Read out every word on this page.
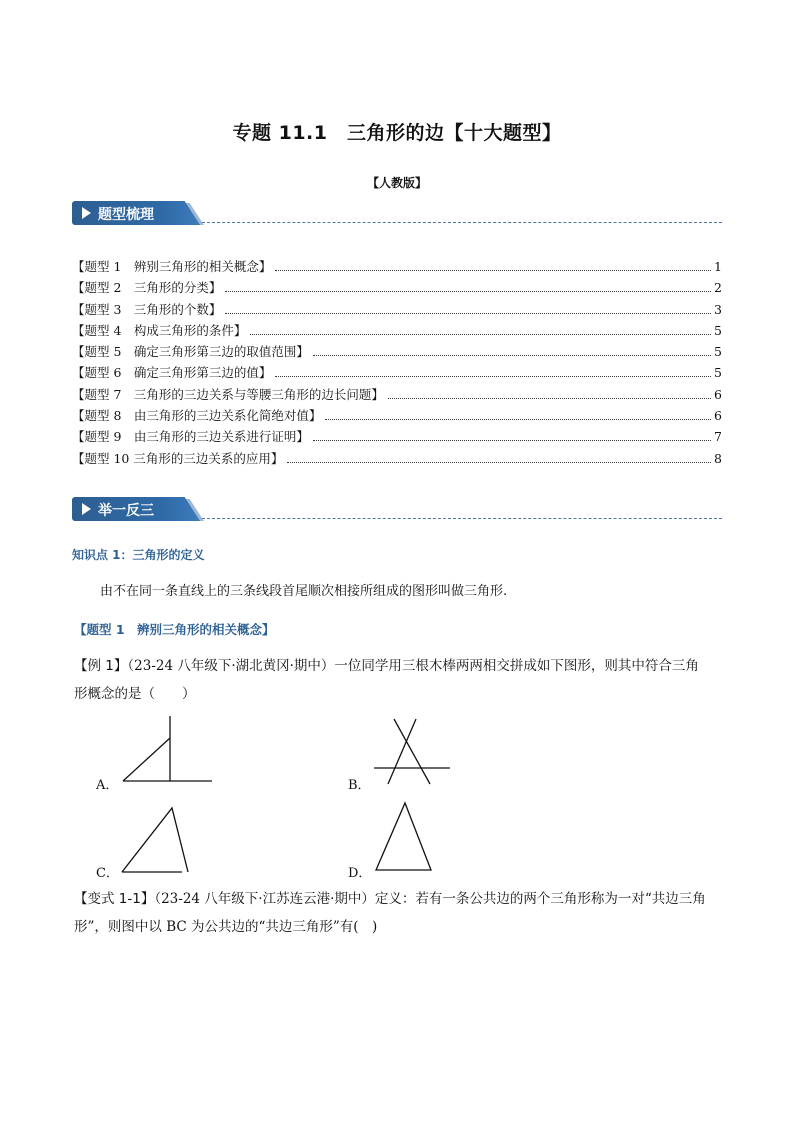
专题 11.1　三角形的边【十大题型】
【人教版】
题型梳理
【题型 1　辨别三角形的相关概念】	1
【题型 2　三角形的分类】	2
【题型 3　三角形的个数】	3
【题型 4　构成三角形的条件】	5
【题型 5　确定三角形第三边的取值范围】	5
【题型 6　确定三角形第三边的值】	5
【题型 7　三角形的三边关系与等腰三角形的边长问题】	6
【题型 8　由三角形的三边关系化简绝对值】	6
【题型 9　由三角形的三边关系进行证明】	7
【题型 10 三角形的三边关系的应用】	8
举一反三
知识点 1：三角形的定义
由不在同一条直线上的三条线段首尾顺次相接所组成的图形叫做三角形.
【题型 1　辨别三角形的相关概念】
【例 1】（23-24 八年级下·湖北黄冈·期中）一位同学用三根木棒两两相交拼成如下图形，则其中符合三角
形概念的是（　　）
A．	B．
C．	D．
【变式 1-1】（23-24 八年级下·江苏连云港·期中）定义：若有一条公共边的两个三角形称为一对“共边三角
形”，则图中以 BC 为公共边的“共边三角形”有(　)
